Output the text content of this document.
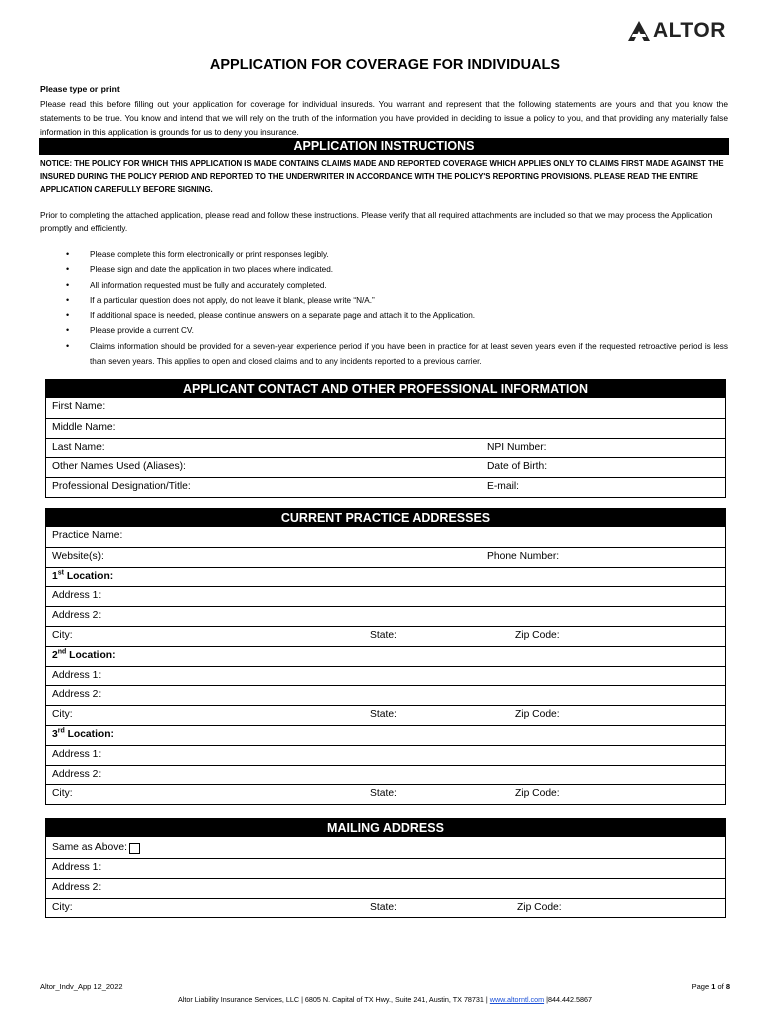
ALTOR
APPLICATION FOR COVERAGE FOR INDIVIDUALS
Please type or print
Please read this before filling out your application for coverage for individual insureds. You warrant and represent that the following statements are yours and that you know the statements to be true. You know and intend that we will rely on the truth of the information you have provided in deciding to issue a policy to you, and that providing any materially false information in this application is grounds for us to deny you insurance.
APPLICATION INSTRUCTIONS
NOTICE: THE POLICY FOR WHICH THIS APPLICATION IS MADE CONTAINS CLAIMS MADE AND REPORTED COVERAGE WHICH APPLIES ONLY TO CLAIMS FIRST MADE AGAINST THE INSURED DURING THE POLICY PERIOD AND REPORTED TO THE UNDERWRITER IN ACCORDANCE WITH THE POLICY'S REPORTING PROVISIONS. PLEASE READ THE ENTIRE APPLICATION CAREFULLY BEFORE SIGNING.
Prior to completing the attached application, please read and follow these instructions. Please verify that all required attachments are included so that we may process the Application promptly and efficiently.
• Please complete this form electronically or print responses legibly.
• Please sign and date the application in two places where indicated.
• All information requested must be fully and accurately completed.
• If a particular question does not apply, do not leave it blank, please write “N/A.”
• If additional space is needed, please continue answers on a separate page and attach it to the Application.
• Please provide a current CV.
• Claims information should be provided for a seven-year experience period if you have been in practice for at least seven years even if the requested retroactive period is less than seven years. This applies to open and closed claims and to any incidents reported to a previous carrier.
APPLICANT CONTACT AND OTHER PROFESSIONAL INFORMATION
First Name:
Middle Name:
Last Name:	NPI Number:
Other Names Used (Aliases):	Date of Birth:
Professional Designation/Title:	E-mail:
CURRENT PRACTICE ADDRESSES
Practice Name:
Website(s):	Phone Number:
1st Location:
Address 1:
Address 2:
City:	State:	Zip Code:
2nd Location:
Address 1:
Address 2:
City:	State:	Zip Code:
3rd Location:
Address 1:
Address 2:
City:	State:	Zip Code:
MAILING ADDRESS
Same as Above:
Address 1:
Address 2:
City:	State:	Zip Code:
Altor_Indv_App 12_2022	Page 1 of 8
Altor Liability Insurance Services, LLC | 6805 N. Capital of TX Hwy., Suite 241, Austin, TX 78731 | www.altorntl.com |844.442.5867
